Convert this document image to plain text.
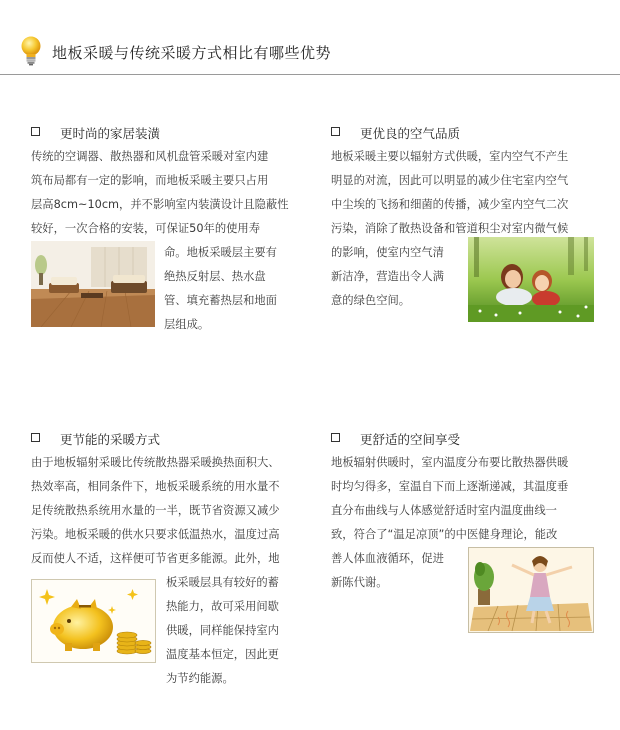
地板采暖与传统采暖方式相比有哪些优势
更时尚的家居装潢
传统的空调器、散热器和风机盘管采暖对室内建
筑布局都有一定的影响，而地板采暖主要只占用
层高8cm~10cm，并不影响室内装潢设计且隐蔽性
较好，一次合格的安装，可保证50年的使用寿
命。地板采暖层主要有
绝热反射层、热水盘
管、填充蓄热层和地面
层组成。
更优良的空气品质
地板采暖主要以辐射方式供暖，室内空气不产生
明显的对流，因此可以明显的减少住宅室内空气
中尘埃的飞扬和细菌的传播，减少室内空气二次
污染，消除了散热设备和管道积尘对室内微气候
的影响，使室内空气清
新洁净，营造出令人满
意的绿色空间。
更节能的采暖方式
由于地板辐射采暖比传统散热器采暖换热面积大、
热效率高，相同条件下，地板采暖系统的用水量不
足传统散热系统用水量的一半，既节省资源又减少
污染。地板采暖的供水只要求低温热水，温度过高
反而使人不适，这样便可节省更多能源。此外，地
板采暖层具有较好的蓄
热能力，故可采用间歇
供暖，同样能保持室内
温度基本恒定，因此更
为节约能源。
更舒适的空间享受
地板辐射供暖时，室内温度分布要比散热器供暖
时均匀得多，室温自下而上逐渐递减，其温度垂
直分布曲线与人体感觉舒适时室内温度曲线一
致，符合了“温足凉顶”的中医健身理论，能改
善人体血液循环，促进
新陈代谢。
